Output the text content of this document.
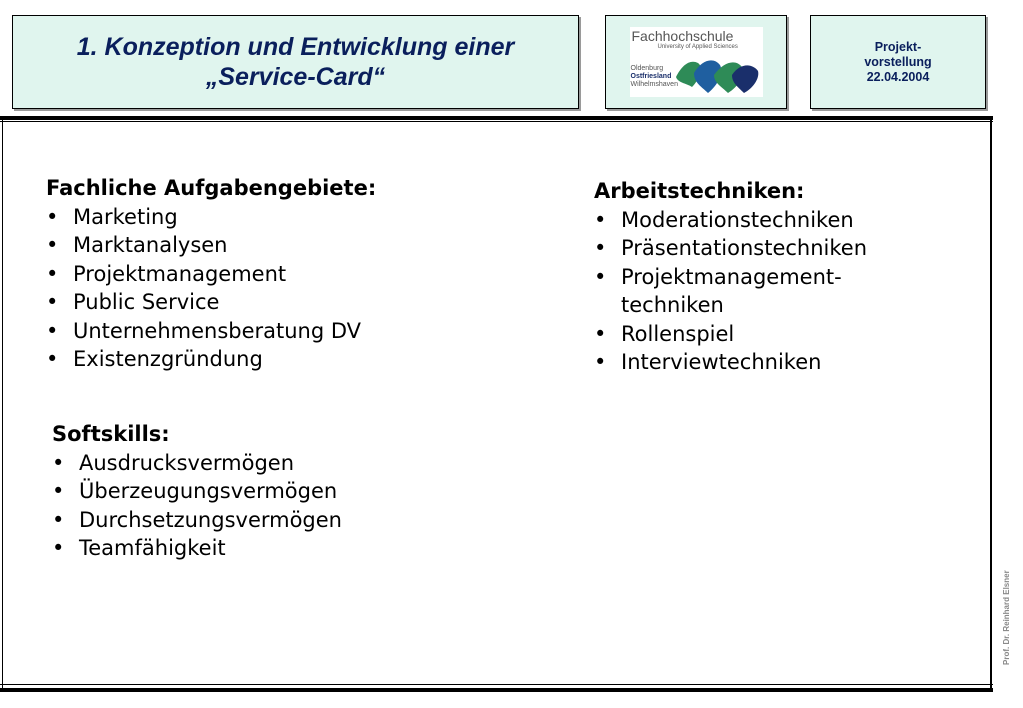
1. Konzeption und Entwicklung einer
„Service-Card“

Fachhochschule
University of Applied Sciences
Oldenburg
Ostfriesland
Wilhelmshaven
Projekt-
vorstellung
22.04.2004
Fachliche Aufgabengebiete:
• Marketing
• Marktanalysen
• Projektmanagement
• Public Service
• Unternehmensberatung DV
• Existenzgründung
Arbeitstechniken:
• Moderationstechniken
• Präsentationstechniken
• Projektmanagement-
techniken
• Rollenspiel
• Interviewtechniken
Softskills:
• Ausdrucksvermögen
• Überzeugungsvermögen
• Durchsetzungsvermögen
• Teamfähigkeit
Prof. Dr. Reinhard Elsner
